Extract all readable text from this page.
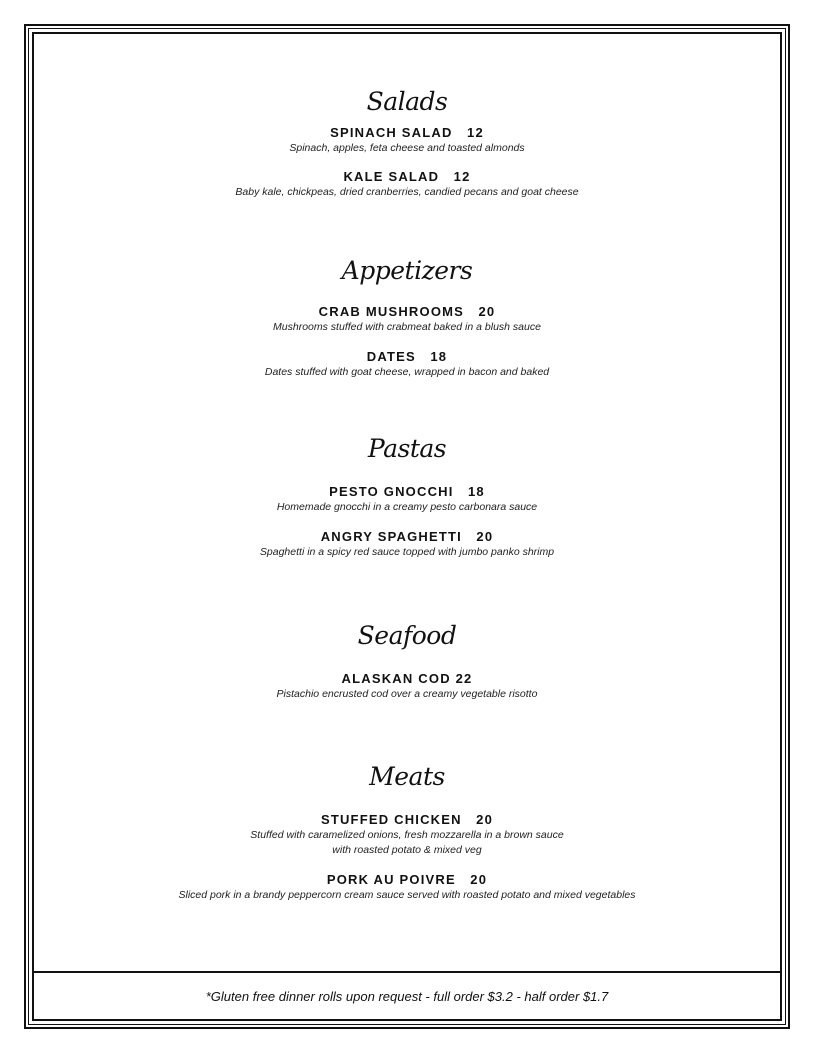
Salads
SPINACH SALAD   12
Spinach, apples, feta cheese and toasted almonds
KALE SALAD   12
Baby kale, chickpeas, dried cranberries, candied pecans and goat cheese
Appetizers
CRAB MUSHROOMS   20
Mushrooms stuffed with crabmeat baked in a blush sauce
DATES   18
Dates stuffed with goat cheese, wrapped in bacon and baked
Pastas
PESTO GNOCCHI   18
Homemade gnocchi in a creamy pesto carbonara sauce
ANGRY SPAGHETTI   20
Spaghetti in a spicy red sauce topped with jumbo panko shrimp
Seafood
ALASKAN COD 22
Pistachio encrusted cod over a creamy vegetable risotto
Meats
STUFFED CHICKEN   20
Stuffed with caramelized onions, fresh mozzarella in a brown sauce
with roasted potato & mixed veg
PORK AU POIVRE   20
Sliced pork in a brandy peppercorn cream sauce served with roasted potato and mixed vegetables
*Gluten free dinner rolls upon request - full order $3.2 - half order $1.7
